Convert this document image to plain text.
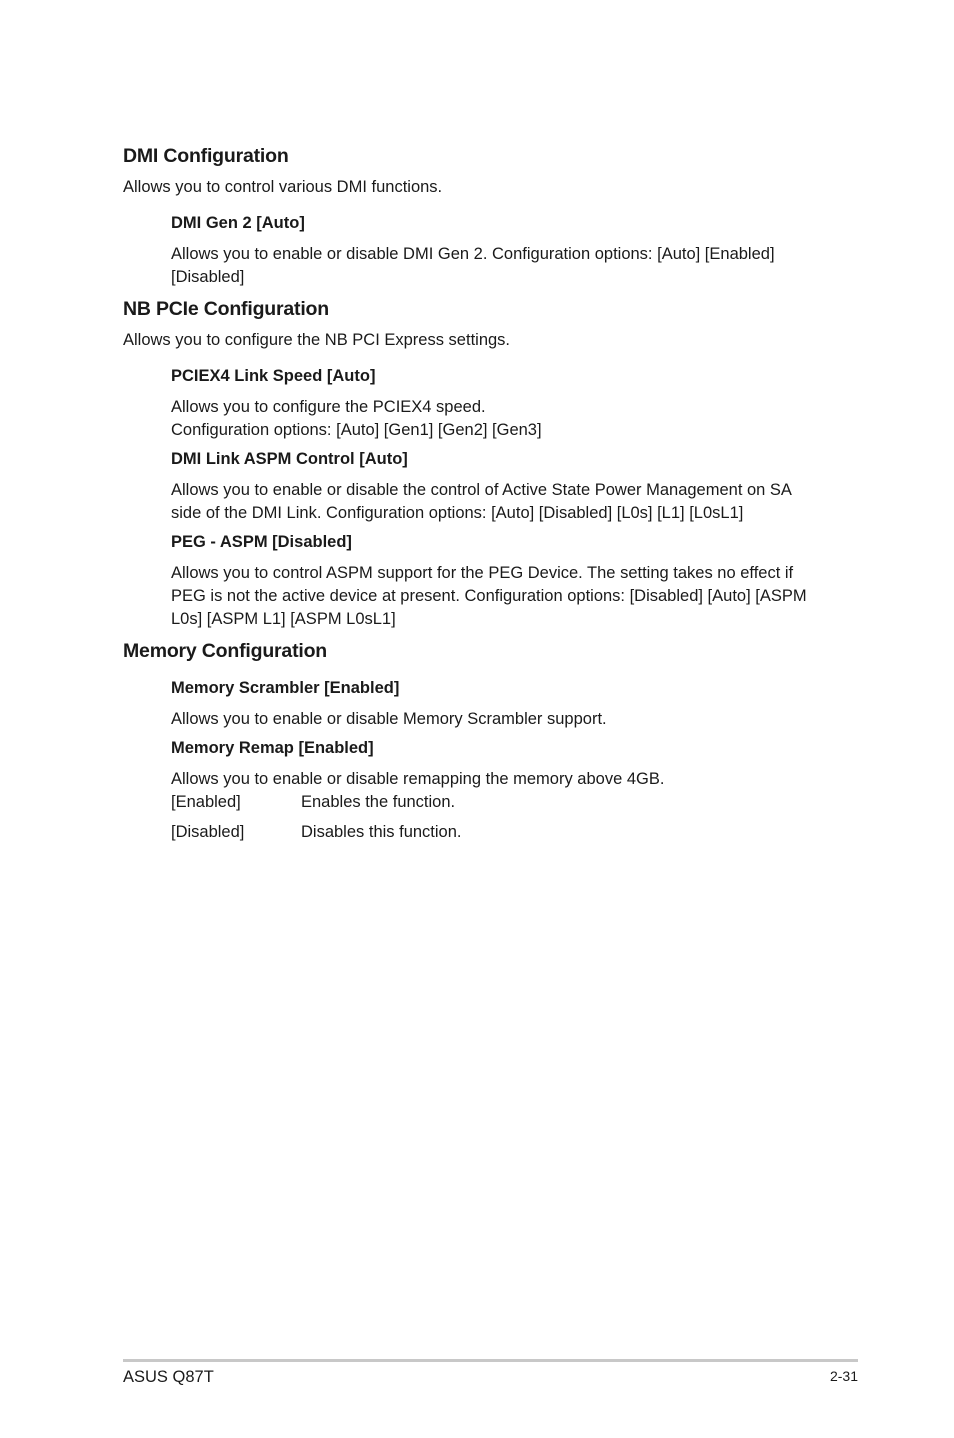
DMI Configuration
Allows you to control various DMI functions.
DMI Gen 2 [Auto]
Allows you to enable or disable DMI Gen 2. Configuration options: [Auto] [Enabled]
[Disabled]
NB PCIe Configuration
Allows you to configure the NB PCI Express settings.
PCIEX4 Link Speed [Auto]
Allows you to configure the PCIEX4 speed.
Configuration options: [Auto] [Gen1] [Gen2] [Gen3]
DMI Link ASPM Control [Auto]
Allows you to enable or disable the control of Active State Power Management on SA
side of the DMI Link. Configuration options: [Auto] [Disabled] [L0s] [L1] [L0sL1]
PEG - ASPM [Disabled]
Allows you to control ASPM support for the PEG Device. The setting takes no effect if
PEG is not the active device at present. Configuration options: [Disabled] [Auto] [ASPM
L0s] [ASPM L1] [ASPM L0sL1]
Memory Configuration
Memory Scrambler [Enabled]
Allows you to enable or disable Memory Scrambler support.
Memory Remap [Enabled]
Allows you to enable or disable remapping the memory above 4GB.
[Enabled]	Enables the function.
[Disabled]	Disables this function.
ASUS Q87T	2-31
